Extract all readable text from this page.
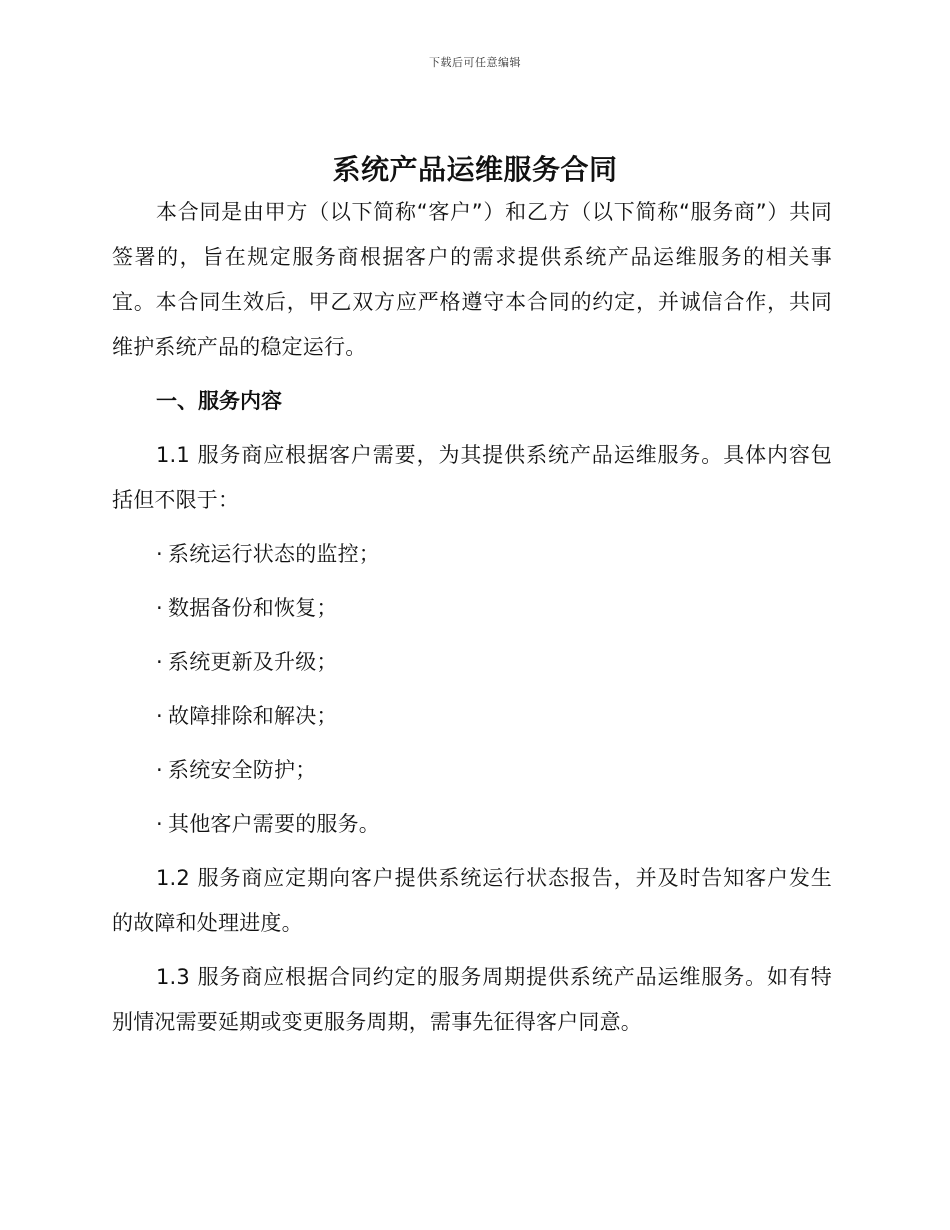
下载后可任意编辑
系统产品运维服务合同

本合同是由甲方（以下简称“客户”）和乙方（以下简称“服务商”）共同签署的，旨在规定服务商根据客户的需求提供系统产品运维服务的相关事宜。本合同生效后，甲乙双方应严格遵守本合同的约定，并诚信合作，共同维护系统产品的稳定运行。

一、服务内容

1.1 服务商应根据客户需要，为其提供系统产品运维服务。具体内容包括但不限于：

· 系统运行状态的监控；
· 数据备份和恢复；
· 系统更新及升级；
· 故障排除和解决；
· 系统安全防护；
· 其他客户需要的服务。

1.2 服务商应定期向客户提供系统运行状态报告，并及时告知客户发生的故障和处理进度。

1.3 服务商应根据合同约定的服务周期提供系统产品运维服务。如有特别情况需要延期或变更服务周期，需事先征得客户同意。
